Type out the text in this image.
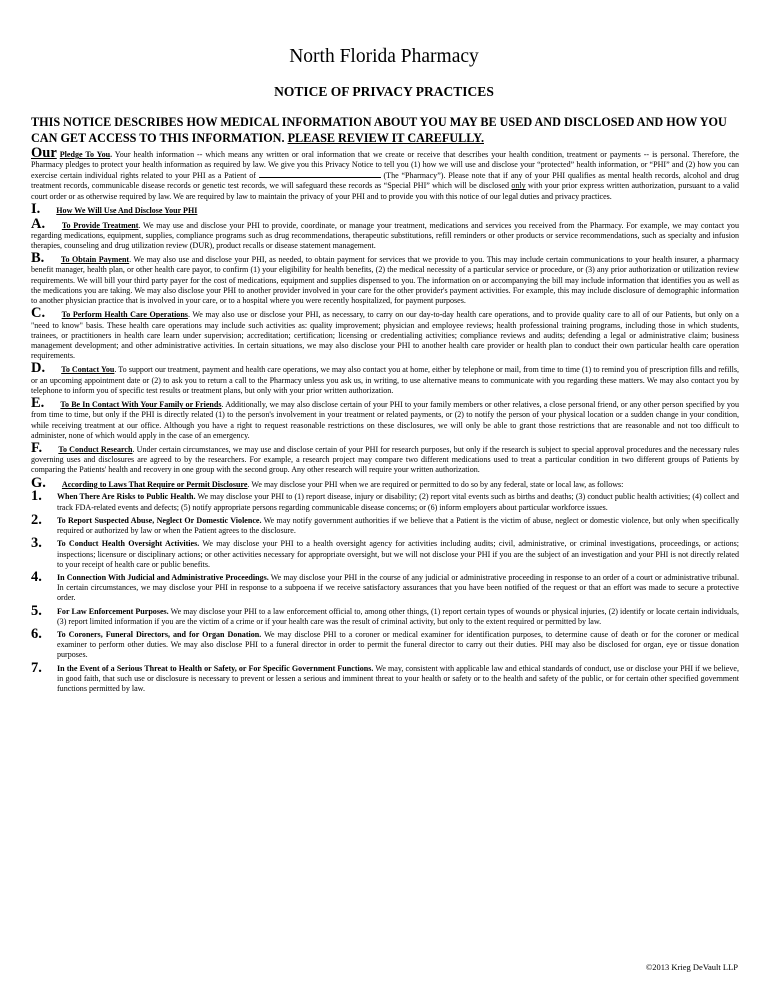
North Florida Pharmacy
NOTICE OF PRIVACY PRACTICES
THIS NOTICE DESCRIBES HOW MEDICAL INFORMATION ABOUT YOU MAY BE USED AND DISCLOSED AND HOW YOU CAN GET ACCESS TO THIS INFORMATION. PLEASE REVIEW IT CAREFULLY.

Our Pledge To You. Your health information -- which means any written or oral information that we create or receive that describes your health condition, treatment or payments -- is personal. Therefore, the Pharmacy pledges to protect your health information as required by law. We give you this Privacy Notice to tell you (1) how we will use and disclose your “protected” health information, or “PHI” and (2) how you can exercise certain individual rights related to your PHI as a Patient of	(The “Pharmacy”). Please note that if any of your PHI qualifies as mental health records, alcohol and drug treatment records, communicable disease records or genetic test records, we will safeguard these records as “Special PHI” which will be disclosed only with your prior express written authorization, pursuant to a valid court order or as otherwise required by law. We are required by law to maintain the privacy of your PHI and to provide you with this notice of our legal duties and privacy practices.

I. How We Will Use And Disclose Your PHI

A. To Provide Treatment. We may use and disclose your PHI to provide, coordinate, or manage your treatment, medications and services you received from the Pharmacy. For example, we may contact you regarding medications, equipment, supplies, compliance programs such as drug recommendations, therapeutic substitutions, refill reminders or other products or service recommendations, such as specialty and infusion therapies, counseling and drug utilization review (DUR), product recalls or disease statement management.

B. To Obtain Payment. We may also use and disclose your PHI, as needed, to obtain payment for services that we provide to you. This may include certain communications to your health insurer, a pharmacy benefit manager, health plan, or other health care payor, to confirm (1) your eligibility for health benefits, (2) the medical necessity of a particular service or procedure, or (3) any prior authorization or utilization review requirements. We will bill your third party payer for the cost of medications, equipment and supplies dispensed to you. The information on or accompanying the bill may include information that identifies you as well as the medications you are taking. We may also disclose your PHI to another provider involved in your care for the other provider's payment activities. For example, this may include disclosure of demographic information to another physician practice that is involved in your care, or to a hospital where you were recently hospitalized, for payment purposes.

C. To Perform Health Care Operations. We may also use or disclose your PHI, as necessary, to carry on our day-to-day health care operations, and to provide quality care to all of our Patients, but only on a "need to know" basis. These health care operations may include such activities as: quality improvement; physician and employee reviews; health professional training programs, including those in which students, trainees, or practitioners in health care learn under supervision; accreditation; certification; licensing or credentialing activities; compliance reviews and audits; defending a legal or administrative claim; business management development; and other administrative activities. In certain situations, we may also disclose your PHI to another health care provider or health plan to conduct their own particular health care operation requirements.

D. To Contact You. To support our treatment, payment and health care operations, we may also contact you at home, either by telephone or mail, from time to time (1) to remind you of prescription fills and refills, or an upcoming appointment date or (2) to ask you to return a call to the Pharmacy unless you ask us, in writing, to use alternative means to communicate with you regarding these matters. We may also contact you by telephone to inform you of specific test results or treatment plans, but only with your prior written authorization.

E. To Be In Contact With Your Family or Friends. Additionally, we may also disclose certain of your PHI to your family members or other relatives, a close personal friend, or any other person specified by you from time to time, but only if the PHI is directly related (1) to the person's involvement in your treatment or related payments, or (2) to notify the person of your physical location or a sudden change in your condition, while receiving treatment at our office. Although you have a right to request reasonable restrictions on these disclosures, we will only be able to grant those restrictions that are reasonable and not too difficult to administer, none of which would apply in the case of an emergency.

F. To Conduct Research. Under certain circumstances, we may use and disclose certain of your PHI for research purposes, but only if the research is subject to special approval procedures and the necessary rules governing uses and disclosures are agreed to by the researchers. For example, a research project may compare two different medications used to treat a particular condition in two different groups of Patients by comparing the Patients' health and recovery in one group with the second group. Any other research will require your written authorization.

G. According to Laws That Require or Permit Disclosure. We may disclose your PHI when we are required or permitted to do so by any federal, state or local law, as follows:

1.	When There Are Risks to Public Health. We may disclose your PHI to (1) report disease, injury or disability; (2) report vital events such as births and deaths; (3) conduct public health activities; (4) collect and track FDA-related events and defects; (5) notify appropriate persons regarding communicable disease concerns; or (6) inform employers about particular workforce issues.
2.	To Report Suspected Abuse, Neglect Or Domestic Violence. We may notify government authorities if we believe that a Patient is the victim of abuse, neglect or domestic violence, but only when specifically required or authorized by law or when the Patient agrees to the disclosure.
3.	To Conduct Health Oversight Activities. We may disclose your PHI to a health oversight agency for activities including audits; civil, administrative, or criminal investigations, proceedings, or actions; inspections; licensure or disciplinary actions; or other activities necessary for appropriate oversight, but we will not disclose your PHI if you are the subject of an investigation and your PHI is not directly related to your receipt of health care or public benefits.
4.	In Connection With Judicial and Administrative Proceedings. We may disclose your PHI in the course of any judicial or administrative proceeding in response to an order of a court or administrative tribunal. In certain circumstances, we may disclose your PHI in response to a subpoena if we receive satisfactory assurances that you have been notified of the request or that an effort was made to secure a protective order.
5.	For Law Enforcement Purposes. We may disclose your PHI to a law enforcement official to, among other things, (1) report certain types of wounds or physical injuries, (2) identify or locate certain individuals, (3) report limited information if you are the victim of a crime or if your health care was the result of criminal activity, but only to the extent required or permitted by law.
6.	To Coroners, Funeral Directors, and for Organ Donation. We may disclose PHI to a coroner or medical examiner for identification purposes, to determine cause of death or for the coroner or medical examiner to perform other duties. We may also disclose PHI to a funeral director in order to permit the funeral director to carry out their duties. PHI may also be disclosed for organ, eye or tissue donation purposes.
7.	In the Event of a Serious Threat to Health or Safety, or For Specific Government Functions. We may, consistent with applicable law and ethical standards of conduct, use or disclose your PHI if we believe, in good faith, that such use or disclosure is necessary to prevent or lessen a serious and imminent threat to your health or safety or to the health and safety of the public, or for certain other specified government functions permitted by law.
©2013 Krieg DeVault LLP
